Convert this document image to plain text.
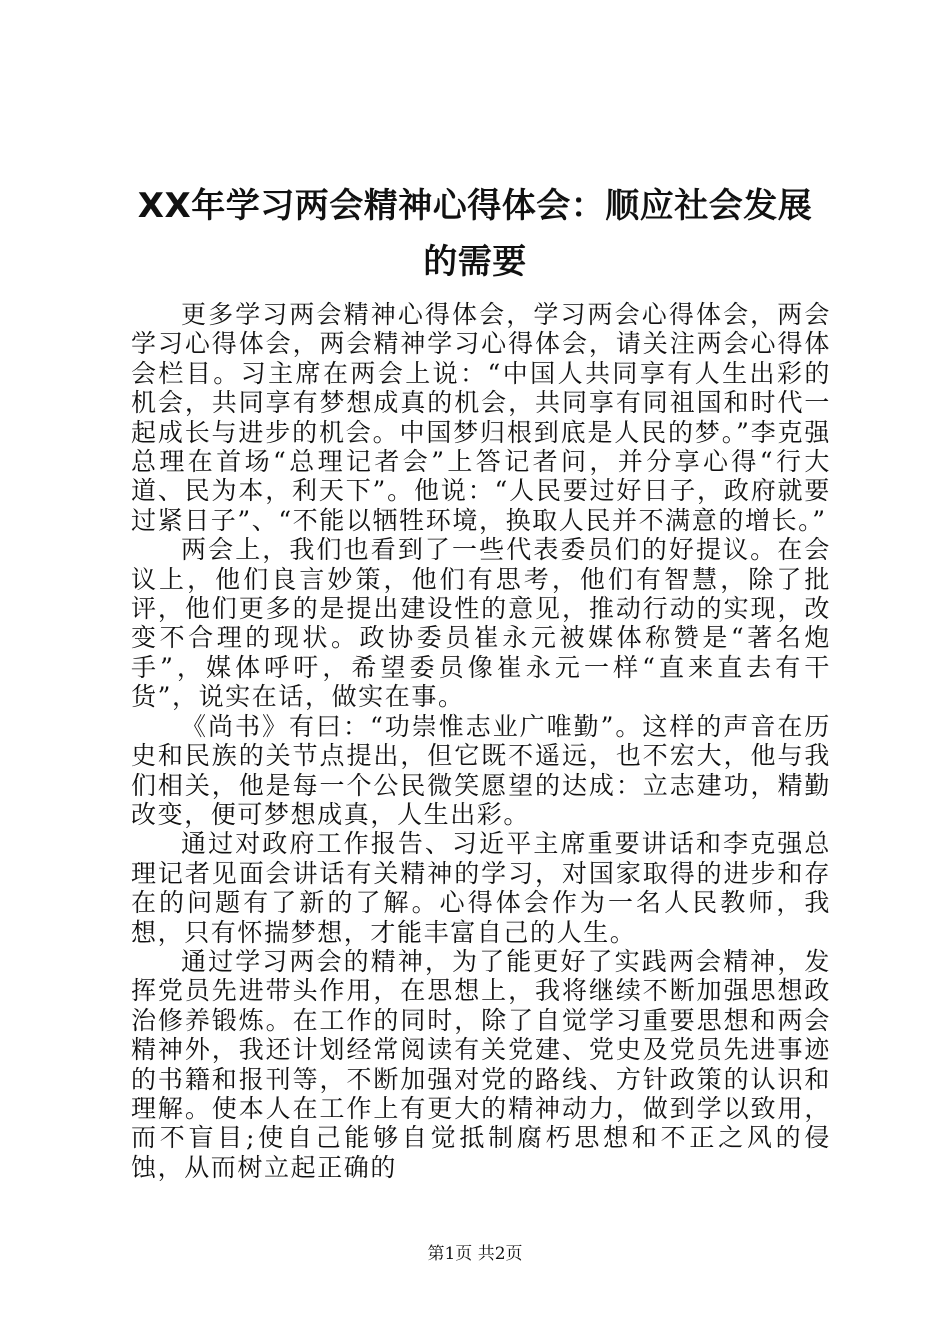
XX年学习两会精神心得体会：顺应社会发展
的需要

更多学习两会精神心得体会，学习两会心得体会，两会学习心得体会，两会精神学习心得体会，请关注两会心得体会栏目。习主席在两会上说：“中国人共同享有人生出彩的机会，共同享有梦想成真的机会，共同享有同祖国和时代一起成长与进步的机会。中国梦归根到底是人民的梦。”李克强总理在首场“总理记者会”上答记者问，并分享心得“行大道、民为本，利天下”。他说：“人民要过好日子，政府就要过紧日子”、“不能以牺牲环境，换取人民并不满意的增长。”

两会上，我们也看到了一些代表委员们的好提议。在会议上，他们良言妙策，他们有思考，他们有智慧，除了批评，他们更多的是提出建设性的意见，推动行动的实现，改变不合理的现状。政协委员崔永元被媒体称赞是“著名炮手”，媒体呼吁，希望委员像崔永元一样“直来直去有干货”，说实在话，做实在事。

《尚书》有曰：“功崇惟志业广唯勤”。这样的声音在历史和民族的关节点提出，但它既不遥远，也不宏大，他与我们相关，他是每一个公民微笑愿望的达成：立志建功，精勤改变，便可梦想成真，人生出彩。

通过对政府工作报告、习近平主席重要讲话和李克强总理记者见面会讲话有关精神的学习，对国家取得的进步和存在的问题有了新的了解。心得体会作为一名人民教师，我想，只有怀揣梦想，才能丰富自己的人生。

通过学习两会的精神，为了能更好了实践两会精神，发挥党员先进带头作用，在思想上，我将继续不断加强思想政治修养锻炼。在工作的同时，除了自觉学习重要思想和两会精神外，我还计划经常阅读有关党建、党史及党员先进事迹的书籍和报刊等，不断加强对党的路线、方针政策的认识和理解。使本人在工作上有更大的精神动力，做到学以致用，而不盲目;使自己能够自觉抵制腐朽思想和不正之风的侵蚀，从而树立起正确的

第1页 共2页
